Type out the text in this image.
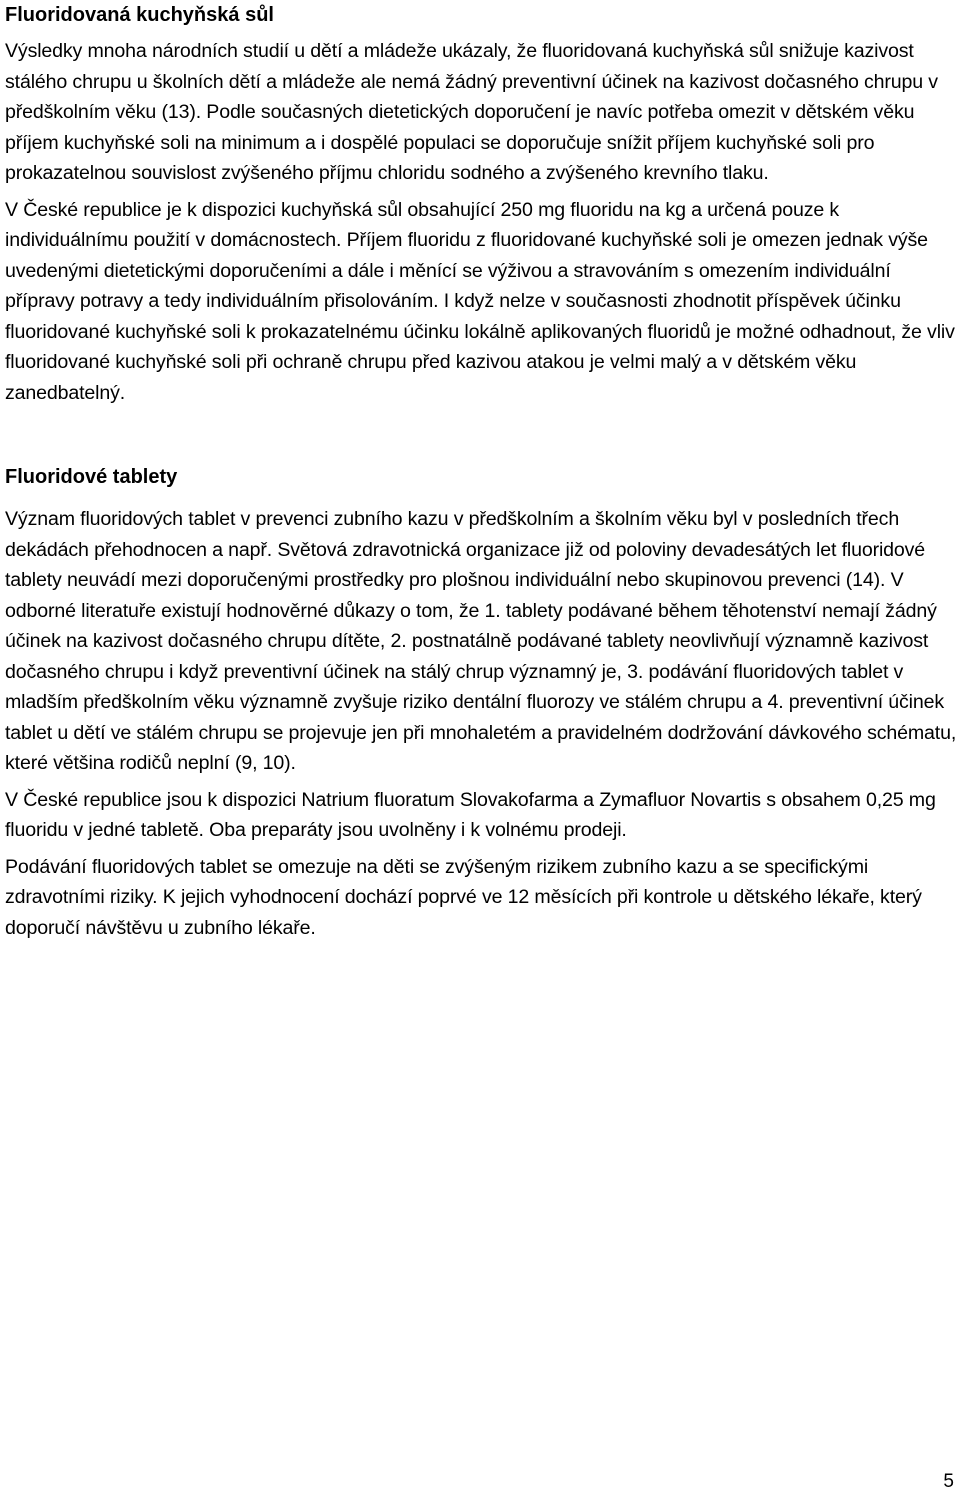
Fluoridovaná kuchyňská sůl

Výsledky mnoha národních studií u dětí a mládeže ukázaly, že fluoridovaná kuchyňská sůl snižuje kazivost stálého chrupu u školních dětí a mládeže ale nemá žádný preventivní účinek na kazivost dočasného chrupu v předškolním věku (13). Podle současných dietetických doporučení je navíc potřeba omezit v dětském věku příjem kuchyňské soli na minimum a i dospělé populaci se doporučuje snížit příjem kuchyňské soli pro prokazatelnou souvislost zvýšeného příjmu chloridu sodného a zvýšeného krevního tlaku.

V České republice je k dispozici kuchyňská sůl obsahující 250 mg fluoridu na kg a určená pouze k individuálnímu použití v domácnostech. Příjem fluoridu z fluoridované kuchyňské soli je omezen jednak výše uvedenými dietetickými doporučeními a dále i měnící se výživou a stravováním s omezením individuální přípravy potravy a tedy individuálním přisolováním. I když nelze v současnosti zhodnotit příspěvek účinku fluoridované kuchyňské soli k prokazatelnému účinku lokálně aplikovaných fluoridů je možné odhadnout, že vliv fluoridované kuchyňské soli při ochraně chrupu před kazivou atakou je velmi malý a v dětském věku zanedbatelný.

Fluoridové tablety

Význam fluoridových tablet v prevenci zubního kazu v předškolním a školním věku byl v posledních třech dekádách přehodnocen a např. Světová zdravotnická organizace již od poloviny devadesátých let fluoridové tablety neuvádí mezi doporučenými prostředky pro plošnou individuální nebo skupinovou prevenci (14). V odborné literatuře existují hodnověrné důkazy o tom, že 1. tablety podávané během těhotenství nemají žádný účinek na kazivost dočasného chrupu dítěte, 2. postnatálně podávané tablety neovlivňují významně kazivost dočasného chrupu i když preventivní účinek na stálý chrup významný je, 3. podávání fluoridových tablet v mladším předškolním věku významně zvyšuje riziko dentální fluorozy ve stálém chrupu a 4. preventivní účinek tablet u dětí ve stálém chrupu se projevuje jen při mnohaletém a pravidelném dodržování dávkového schématu, které většina rodičů neplní (9, 10).

V České republice jsou k dispozici Natrium fluoratum Slovakofarma a Zymafluor Novartis s obsahem 0,25 mg fluoridu v jedné tabletě. Oba preparáty jsou uvolněny i k volnému prodeji.

Podávání fluoridových tablet se omezuje na děti se zvýšeným rizikem zubního kazu a se specifickými zdravotními riziky. K jejich vyhodnocení dochází poprvé ve 12 měsících při kontrole u dětského lékaře, který doporučí návštěvu u zubního lékaře.

5
